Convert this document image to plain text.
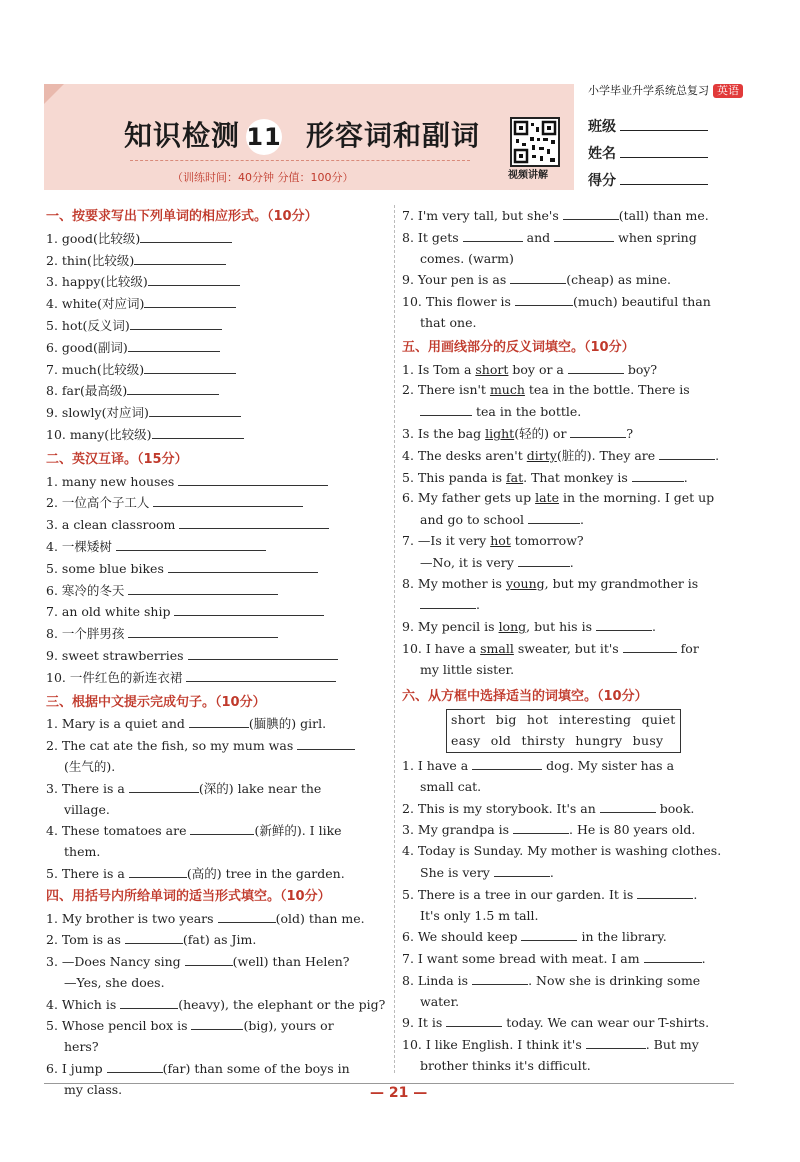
小学毕业升学系统总复习 英语
知识检测 11 形容词和副词
（训练时间：40分钟 分值：100分）	视频讲解
班级
姓名
得分
一、按要求写出下列单词的相应形式。（10分）
1. good(比较级)
2. thin(比较级)
3. happy(比较级)
4. white(对应词)
5. hot(反义词)
6. good(副词)
7. much(比较级)
8. far(最高级)
9. slowly(对应词)
10. many(比较级)
二、英汉互译。（15分）
1. many new houses
2. 一位高个子工人
3. a clean classroom
4. 一棵矮树
5. some blue bikes
6. 寒冷的冬天
7. an old white ship
8. 一个胖男孩
9. sweet strawberries
10. 一件红色的新连衣裙
三、根据中文提示完成句子。（10分）
1. Mary is a quiet and	(腼腆的) girl.
2. The cat ate the fish, so my mum was
(生气的).
3. There is a	(深的) lake near the
village.
4. These tomatoes are	(新鲜的). I like
them.
5. There is a	(高的) tree in the garden.
四、用括号内所给单词的适当形式填空。（10分）
1. My brother is two years	(old) than me.
2. Tom is as	(fat) as Jim.
3. —Does Nancy sing	(well) than Helen?
—Yes, she does.
4. Which is	(heavy), the elephant or the pig?
5. Whose pencil box is	(big), yours or
hers?
6. I jump	(far) than some of the boys in
my class.
7. I'm very tall, but she's	(tall) than me.
8. It gets	and	when spring
comes. (warm)
9. Your pen is as	(cheap) as mine.
10. This flower is	(much) beautiful than
that one.
五、用画线部分的反义词填空。（10分）
1. Is Tom a short boy or a	boy?
2. There isn't much tea in the bottle. There is
tea in the bottle.
3. Is the bag light(轻的) or	?
4. The desks aren't dirty(脏的). They are	.
5. This panda is fat. That monkey is	.
6. My father gets up late in the morning. I get up
and go to school	.
7. —Is it very hot tomorrow?
—No, it is very	.
8. My mother is young, but my grandmother is
.
9. My pencil is long, but his is	.
10. I have a small sweater, but it's	for
my little sister.
六、从方框中选择适当的词填空。（10分）
short big hot interesting quiet
easy old thirsty hungry busy
1. I have a	dog. My sister has a
small cat.
2. This is my storybook. It's an	book.
3. My grandpa is	. He is 80 years old.
4. Today is Sunday. My mother is washing clothes.
She is very	.
5. There is a tree in our garden. It is	.
It's only 1.5 m tall.
6. We should keep	in the library.
7. I want some bread with meat. I am	.
8. Linda is	. Now she is drinking some
water.
9. It is	today. We can wear our T-shirts.
10. I like English. I think it's	. But my
brother thinks it's difficult.
— 21 —
